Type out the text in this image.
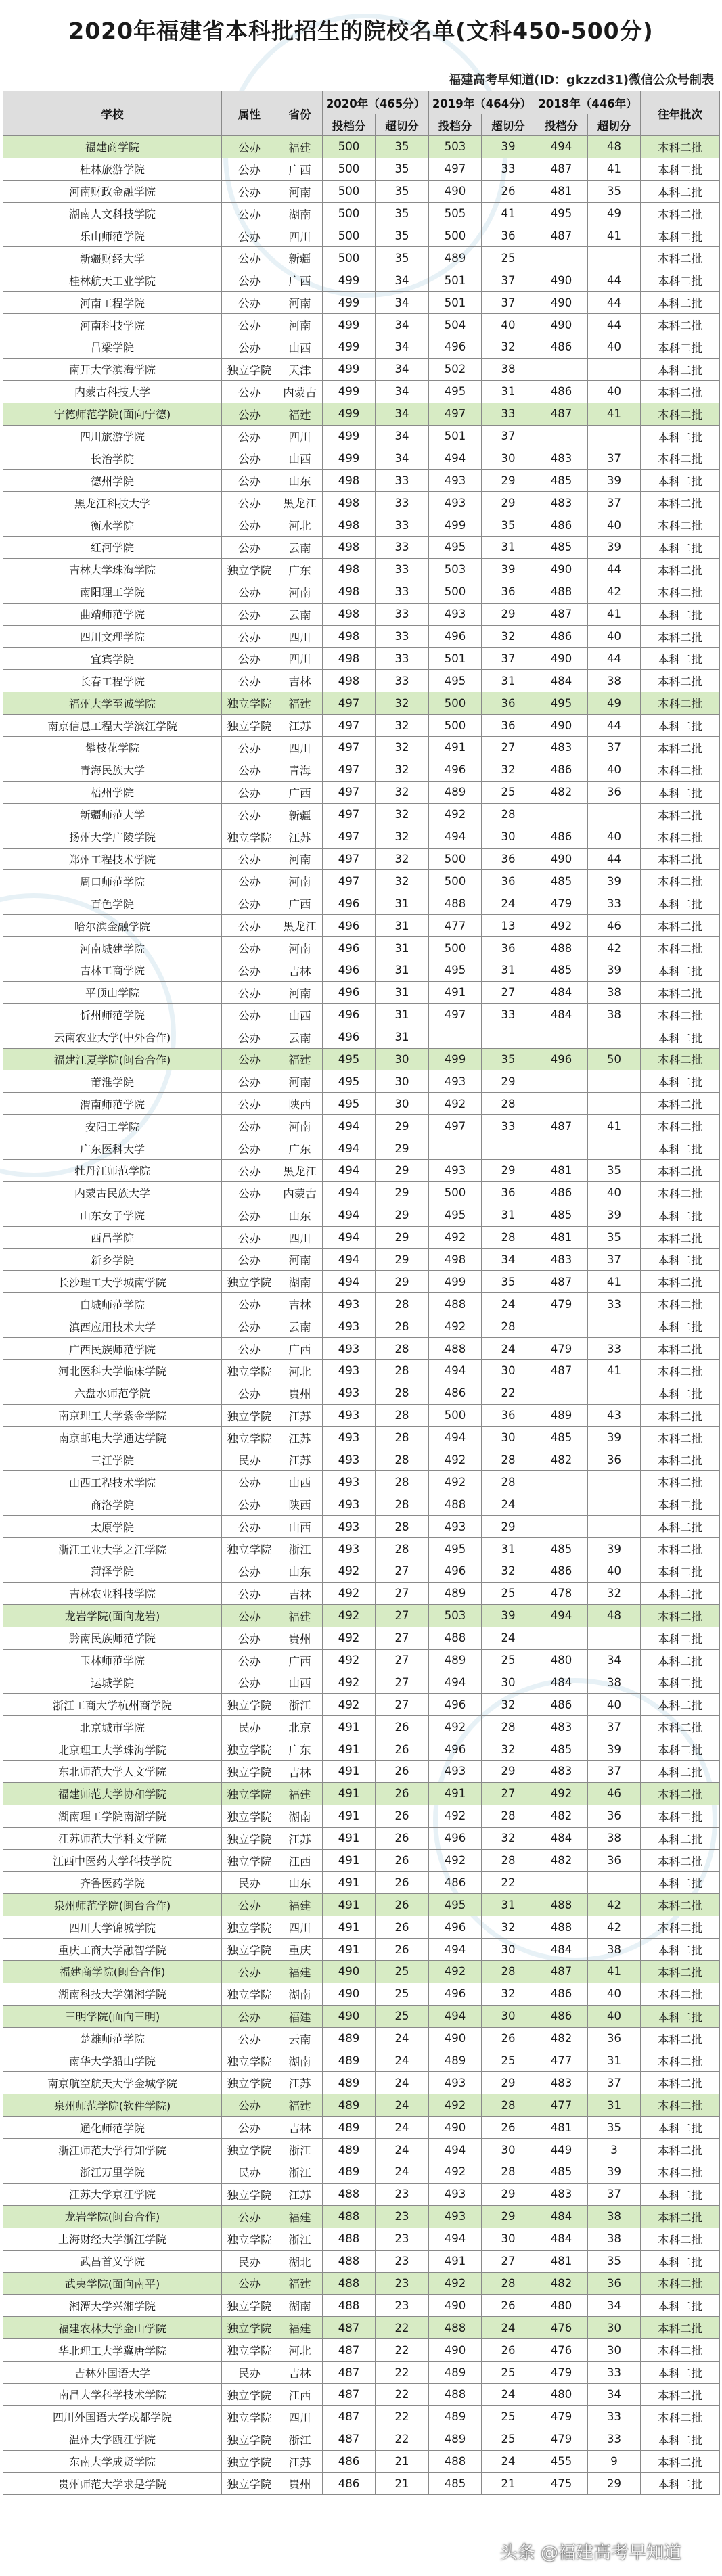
2020年福建省本科批招生的院校名单(文科450-500分)
福建高考早知道(ID：gkzzd31)微信公众号制表
学校	属性	省份	2020年（465分）		2019年（464分）		2018年（446年）		往年批次
			投档分	超切分	投档分	超切分	投档分	超切分	
福建商学院	公办	福建	500	35	503	39	494	48	本科二批
桂林旅游学院	公办	广西	500	35	497	33	487	41	本科二批
河南财政金融学院	公办	河南	500	35	490	26	481	35	本科二批
湖南人文科技学院	公办	湖南	500	35	505	41	495	49	本科二批
乐山师范学院	公办	四川	500	35	500	36	487	41	本科二批
新疆财经大学	公办	新疆	500	35	489	25			本科二批
桂林航天工业学院	公办	广西	499	34	501	37	490	44	本科二批
河南工程学院	公办	河南	499	34	501	37	490	44	本科二批
河南科技学院	公办	河南	499	34	504	40	490	44	本科二批
吕梁学院	公办	山西	499	34	496	32	486	40	本科二批
南开大学滨海学院	独立学院	天津	499	34	502	38			本科二批
内蒙古科技大学	公办	内蒙古	499	34	495	31	486	40	本科二批
宁德师范学院(面向宁德)	公办	福建	499	34	497	33	487	41	本科二批
四川旅游学院	公办	四川	499	34	501	37			本科二批
长治学院	公办	山西	499	34	494	30	483	37	本科二批
德州学院	公办	山东	498	33	493	29	485	39	本科二批
黑龙江科技大学	公办	黑龙江	498	33	493	29	483	37	本科二批
衡水学院	公办	河北	498	33	499	35	486	40	本科二批
红河学院	公办	云南	498	33	495	31	485	39	本科二批
吉林大学珠海学院	独立学院	广东	498	33	503	39	490	44	本科二批
南阳理工学院	公办	河南	498	33	500	36	488	42	本科二批
曲靖师范学院	公办	云南	498	33	493	29	487	41	本科二批
四川文理学院	公办	四川	498	33	496	32	486	40	本科二批
宜宾学院	公办	四川	498	33	501	37	490	44	本科二批
长春工程学院	公办	吉林	498	33	495	31	484	38	本科二批
福州大学至诚学院	独立学院	福建	497	32	500	36	495	49	本科二批
南京信息工程大学滨江学院	独立学院	江苏	497	32	500	36	490	44	本科二批
攀枝花学院	公办	四川	497	32	491	27	483	37	本科二批
青海民族大学	公办	青海	497	32	496	32	486	40	本科二批
梧州学院	公办	广西	497	32	489	25	482	36	本科二批
新疆师范大学	公办	新疆	497	32	492	28			本科二批
扬州大学广陵学院	独立学院	江苏	497	32	494	30	486	40	本科二批
郑州工程技术学院	公办	河南	497	32	500	36	490	44	本科二批
周口师范学院	公办	河南	497	32	500	36	485	39	本科二批
百色学院	公办	广西	496	31	488	24	479	33	本科二批
哈尔滨金融学院	公办	黑龙江	496	31	477	13	492	46	本科二批
河南城建学院	公办	河南	496	31	500	36	488	42	本科二批
吉林工商学院	公办	吉林	496	31	495	31	485	39	本科二批
平顶山学院	公办	河南	496	31	491	27	484	38	本科二批
忻州师范学院	公办	山西	496	31	497	33	484	38	本科二批
云南农业大学(中外合作)	公办	云南	496	31					本科二批
福建江夏学院(闽台合作)	公办	福建	495	30	499	35	496	50	本科二批
莆淮学院	公办	河南	495	30	493	29			本科二批
渭南师范学院	公办	陕西	495	30	492	28			本科二批
安阳工学院	公办	河南	494	29	497	33	487	41	本科二批
广东医科大学	公办	广东	494	29					本科二批
牡丹江师范学院	公办	黑龙江	494	29	493	29	481	35	本科二批
内蒙古民族大学	公办	内蒙古	494	29	500	36	486	40	本科二批
山东女子学院	公办	山东	494	29	495	31	485	39	本科二批
西昌学院	公办	四川	494	29	492	28	481	35	本科二批
新乡学院	公办	河南	494	29	498	34	483	37	本科二批
长沙理工大学城南学院	独立学院	湖南	494	29	499	35	487	41	本科二批
白城师范学院	公办	吉林	493	28	488	24	479	33	本科二批
滇西应用技术大学	公办	云南	493	28	492	28			本科二批
广西民族师范学院	公办	广西	493	28	488	24	479	33	本科二批
河北医科大学临床学院	独立学院	河北	493	28	494	30	487	41	本科二批
六盘水师范学院	公办	贵州	493	28	486	22			本科二批
南京理工大学紫金学院	独立学院	江苏	493	28	500	36	489	43	本科二批
南京邮电大学通达学院	独立学院	江苏	493	28	494	30	485	39	本科二批
三江学院	民办	江苏	493	28	492	28	482	36	本科二批
山西工程技术学院	公办	山西	493	28	492	28			本科二批
商洛学院	公办	陕西	493	28	488	24			本科二批
太原学院	公办	山西	493	28	493	29			本科二批
浙江工业大学之江学院	独立学院	浙江	493	28	495	31	485	39	本科二批
菏泽学院	公办	山东	492	27	496	32	486	40	本科二批
吉林农业科技学院	公办	吉林	492	27	489	25	478	32	本科二批
龙岩学院(面向龙岩)	公办	福建	492	27	503	39	494	48	本科二批
黔南民族师范学院	公办	贵州	492	27	488	24			本科二批
玉林师范学院	公办	广西	492	27	489	25	480	34	本科二批
运城学院	公办	山西	492	27	494	30	484	38	本科二批
浙江工商大学杭州商学院	独立学院	浙江	492	27	496	32	486	40	本科二批
北京城市学院	民办	北京	491	26	492	28	483	37	本科二批
北京理工大学珠海学院	独立学院	广东	491	26	496	32	485	39	本科二批
东北师范大学人文学院	独立学院	吉林	491	26	493	29	483	37	本科二批
福建师范大学协和学院	独立学院	福建	491	26	491	27	492	46	本科二批
湖南理工学院南湖学院	独立学院	湖南	491	26	492	28	482	36	本科二批
江苏师范大学科文学院	独立学院	江苏	491	26	496	32	484	38	本科二批
江西中医药大学科技学院	独立学院	江西	491	26	492	28	482	36	本科二批
齐鲁医药学院	民办	山东	491	26	486	22			本科二批
泉州师范学院(闽台合作)	公办	福建	491	26	495	31	488	42	本科二批
四川大学锦城学院	独立学院	四川	491	26	496	32	488	42	本科二批
重庆工商大学融智学院	独立学院	重庆	491	26	494	30	484	38	本科二批
福建商学院(闽台合作)	公办	福建	490	25	492	28	487	41	本科二批
湖南科技大学潇湘学院	独立学院	湖南	490	25	496	32	486	40	本科二批
三明学院(面向三明)	公办	福建	490	25	494	30	486	40	本科二批
楚雄师范学院	公办	云南	489	24	490	26	482	36	本科二批
南华大学船山学院	独立学院	湖南	489	24	489	25	477	31	本科二批
南京航空航天大学金城学院	独立学院	江苏	489	24	493	29	483	37	本科二批
泉州师范学院(软件学院)	公办	福建	489	24	492	28	477	31	本科二批
通化师范学院	公办	吉林	489	24	490	26	481	35	本科二批
浙江师范大学行知学院	独立学院	浙江	489	24	494	30	449	3	本科二批
浙江万里学院	民办	浙江	489	24	492	28	485	39	本科二批
江苏大学京江学院	独立学院	江苏	488	23	493	29	483	37	本科二批
龙岩学院(闽台合作)	公办	福建	488	23	493	29	484	38	本科二批
上海财经大学浙江学院	独立学院	浙江	488	23	494	30	484	38	本科二批
武昌首义学院	民办	湖北	488	23	491	27	481	35	本科二批
武夷学院(面向南平)	公办	福建	488	23	492	28	482	36	本科二批
湘潭大学兴湘学院	独立学院	湖南	488	23	490	26	480	34	本科二批
福建农林大学金山学院	独立学院	福建	487	22	488	24	476	30	本科二批
华北理工大学冀唐学院	独立学院	河北	487	22	490	26	476	30	本科二批
吉林外国语大学	民办	吉林	487	22	489	25	479	33	本科二批
南昌大学科学技术学院	独立学院	江西	487	22	488	24	480	34	本科二批
四川外国语大学成都学院	独立学院	四川	487	22	489	25	479	33	本科二批
温州大学瓯江学院	独立学院	浙江	487	22	489	25	479	33	本科二批
东南大学成贤学院	独立学院	江苏	486	21	488	24	455	9	本科二批
贵州师范大学求是学院	独立学院	贵州	486	21	485	21	475	29	本科二批
头条 @福建高考早知道
